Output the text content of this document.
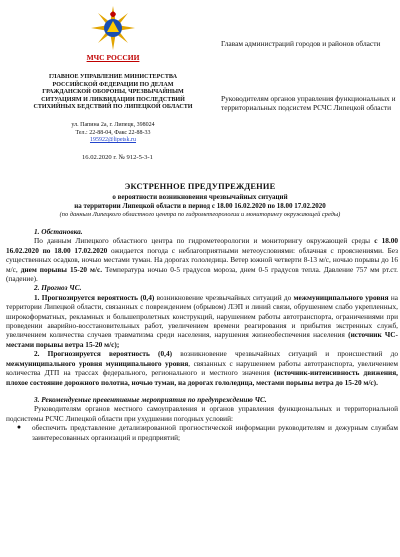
МЧС РОССИИ
ГЛАВНОЕ УПРАВЛЕНИЕ МИНИСТЕРСТВА РОССИЙСКОЙ ФЕДЕРАЦИИ ПО ДЕЛАМ ГРАЖДАНСКОЙ ОБОРОНЫ, ЧРЕЗВЫЧАЙНЫМ СИТУАЦИЯМ И ЛИКВИДАЦИИ ПОСЛЕДСТВИЙ СТИХИЙНЫХ БЕДСТВИЙ ПО ЛИПЕЦКОЙ ОБЛАСТИ
ул. Папина 2а, г. Липецк, 398024
Тел.: 22-88-04, Факс 22-88-33
195922@lipetsk.ru
16.02.2020 г. № 912-5-3-1
Главам администраций городов и районов области
Руководителям органов управления функциональных и территориальных подсистем РСЧС Липецкой области
ЭКСТРЕННОЕ ПРЕДУПРЕЖДЕНИЕ
о вероятности возникновения чрезвычайных ситуаций
на территории Липецкой области в период с 18.00 16.02.2020 по 18.00 17.02.2020
(по данным Липецкого областного центра по гидрометеорологии и мониторингу окружающей среды)

1. Обстановка.

По данным Липецкого областного центра по гидрометеорологии и мониторингу окружающей среды с 18.00 16.02.2020 по 18.00 17.02.2020 ожидается погода с неблагоприятными метеоусловиями: облачная с прояснениями. Без существенных осадков, ночью местами туман. На дорогах гололедица. Ветер южной четверти 8-13 м/с, ночью порывы до 16 м/с, днем порывы 15-20 м/с. Температура ночью 0-5 градусов мороза, днем 0-5 градусов тепла. Давление 757 мм рт.ст.(падение).

2. Прогноз ЧС.

1. Прогнозируется вероятность (0,4) возникновение чрезвычайных ситуаций до межмуниципального уровня на территории Липецкой области, связанных с повреждением (обрывом) ЛЭП и линий связи, обрушением слабо укрепленных, широкоформатных, рекламных и большепролетных конструкций, нарушением работы автотранспорта, ограничениями при проведении аварийно-восстановительных работ, увеличением времени реагирования и прибытия экстренных служб, увеличением количества случаев травматизма среди населения, нарушения жизнеобеспечения населения (источник ЧС-местами порывы ветра 15-20 м/с);

2. Прогнозируется вероятность (0,4) возникновение чрезвычайных ситуаций и происшествий до межмуниципального уровня муниципального уровня, связанных с нарушением работы автотранспорта, увеличением количества ДТП на трассах федерального, регионального и местного значения (источник-интенсивность движения, плохое состояние дорожного полотна, ночью туман, на дорогах гололедица, местами порывы ветра до 15-20 м/с).

3. Рекомендуемые превентивные мероприятия по предупреждению ЧС.

Руководителям органов местного самоуправления и органов управления функциональных и территориальной подсистемы РСЧС Липецкой области при ухудшении погодных условий:

●	обеспечить представление детализированной прогностической информации руководителям и дежурным службам заинтересованных организаций и предприятий;
